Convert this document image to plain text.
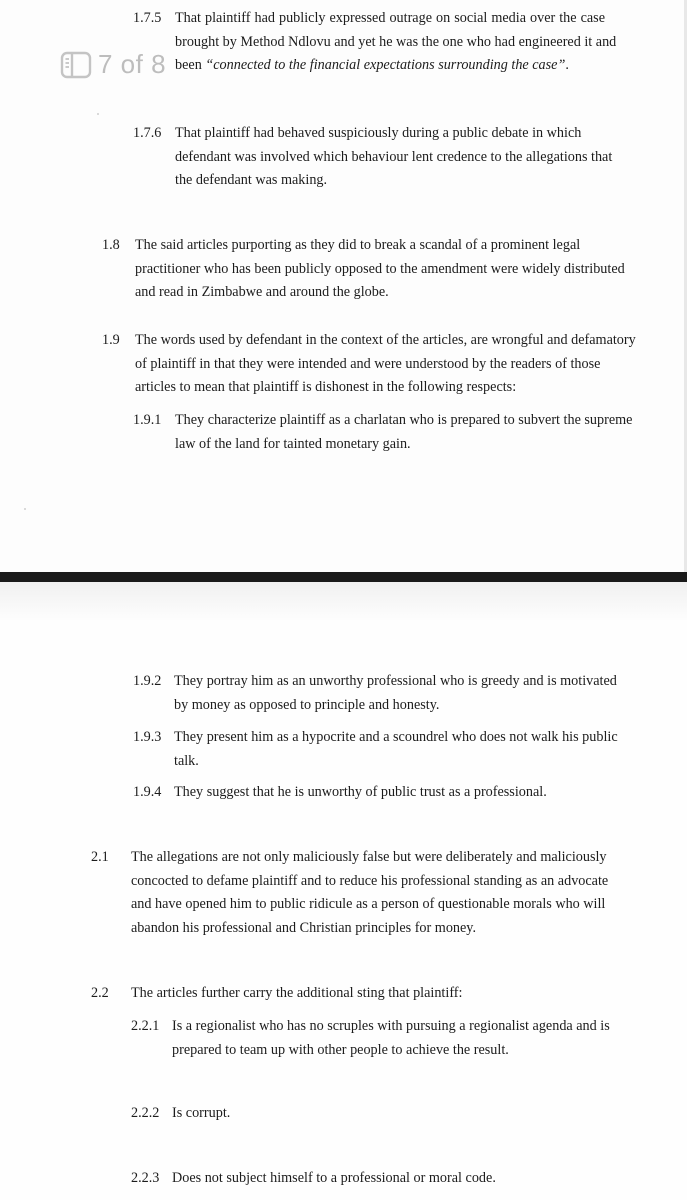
1.7.5 That plaintiff had publicly expressed outrage on social media over the case
brought by Method Ndlovu and yet he was the one who had engineered it and
been “connected to the financial expectations surrounding the case”.
1.7.6 That plaintiff had behaved suspiciously during a public debate in which
defendant was involved which behaviour lent credence to the allegations that
the defendant was making.
1.8 The said articles purporting as they did to break a scandal of a prominent legal
practitioner who has been publicly opposed to the amendment were widely distributed
and read in Zimbabwe and around the globe.
1.9 The words used by defendant in the context of the articles, are wrongful and defamatory
of plaintiff in that they were intended and were understood by the readers of those
articles to mean that plaintiff is dishonest in the following respects:
1.9.1 They characterize plaintiff as a charlatan who is prepared to subvert the supreme
law of the land for tainted monetary gain.
7 of 8
1.9.2 They portray him as an unworthy professional who is greedy and is motivated
by money as opposed to principle and honesty.
1.9.3 They present him as a hypocrite and a scoundrel who does not walk his public
talk.
1.9.4 They suggest that he is unworthy of public trust as a professional.
2.1 The allegations are not only maliciously false but were deliberately and maliciously
concocted to defame plaintiff and to reduce his professional standing as an advocate
and have opened him to public ridicule as a person of questionable morals who will
abandon his professional and Christian principles for money.
2.2 The articles further carry the additional sting that plaintiff:
2.2.1 Is a regionalist who has no scruples with pursuing a regionalist agenda and is
prepared to team up with other people to achieve the result.
2.2.2 Is corrupt.
2.2.3 Does not subject himself to a professional or moral code.
